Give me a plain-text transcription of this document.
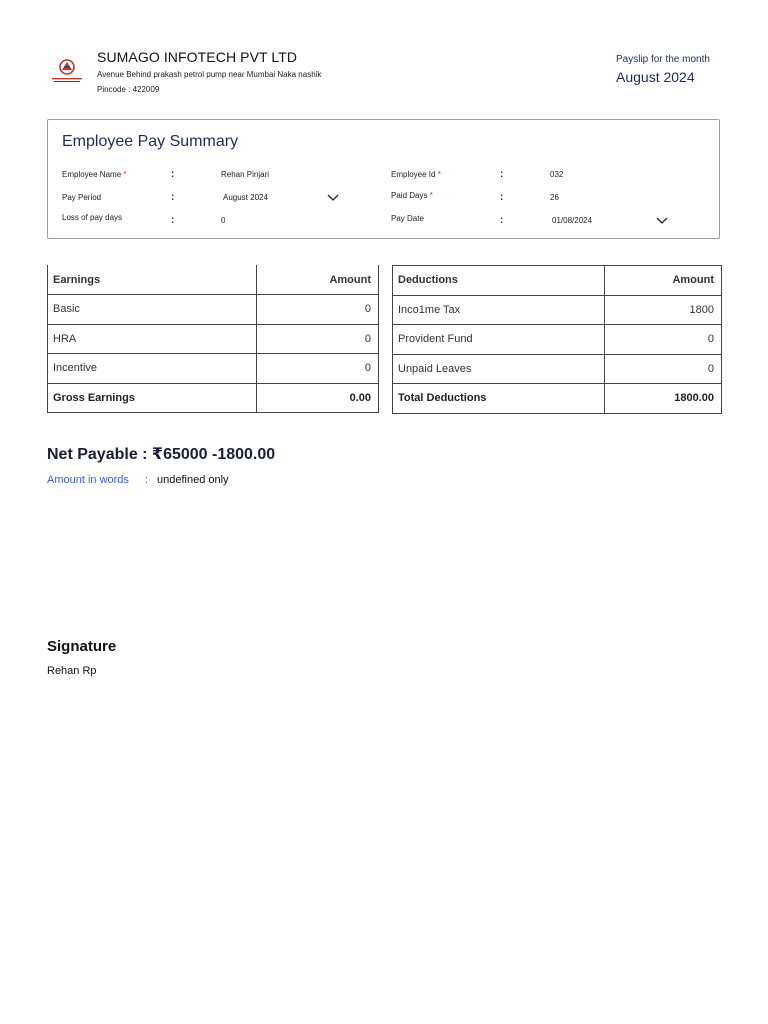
SUMAGO INFOTECH PVT LTD
Avenue Behind prakash petrol pump near Mumbai Naka nashik
Pincode : 422009
Payslip for the month
August 2024
Employee Pay Summary
Employee Name *	:	Rehan Pinjari
Pay Period	:	August 2024
Loss of pay days	:	0
Employee Id *	:	032
Paid Days *	:	26
Pay Date	:	01/08/2024
Earnings	Amount
Basic	0
HRA	0
Incentive	0
Gross Earnings	0.00
Deductions	Amount
Inco1me Tax	1800
Provident Fund	0
Unpaid Leaves	0
Total Deductions	1800.00
Net Payable : ₹65000 -1800.00
Amount in words : undefined only
Signature
Rehan Rp
